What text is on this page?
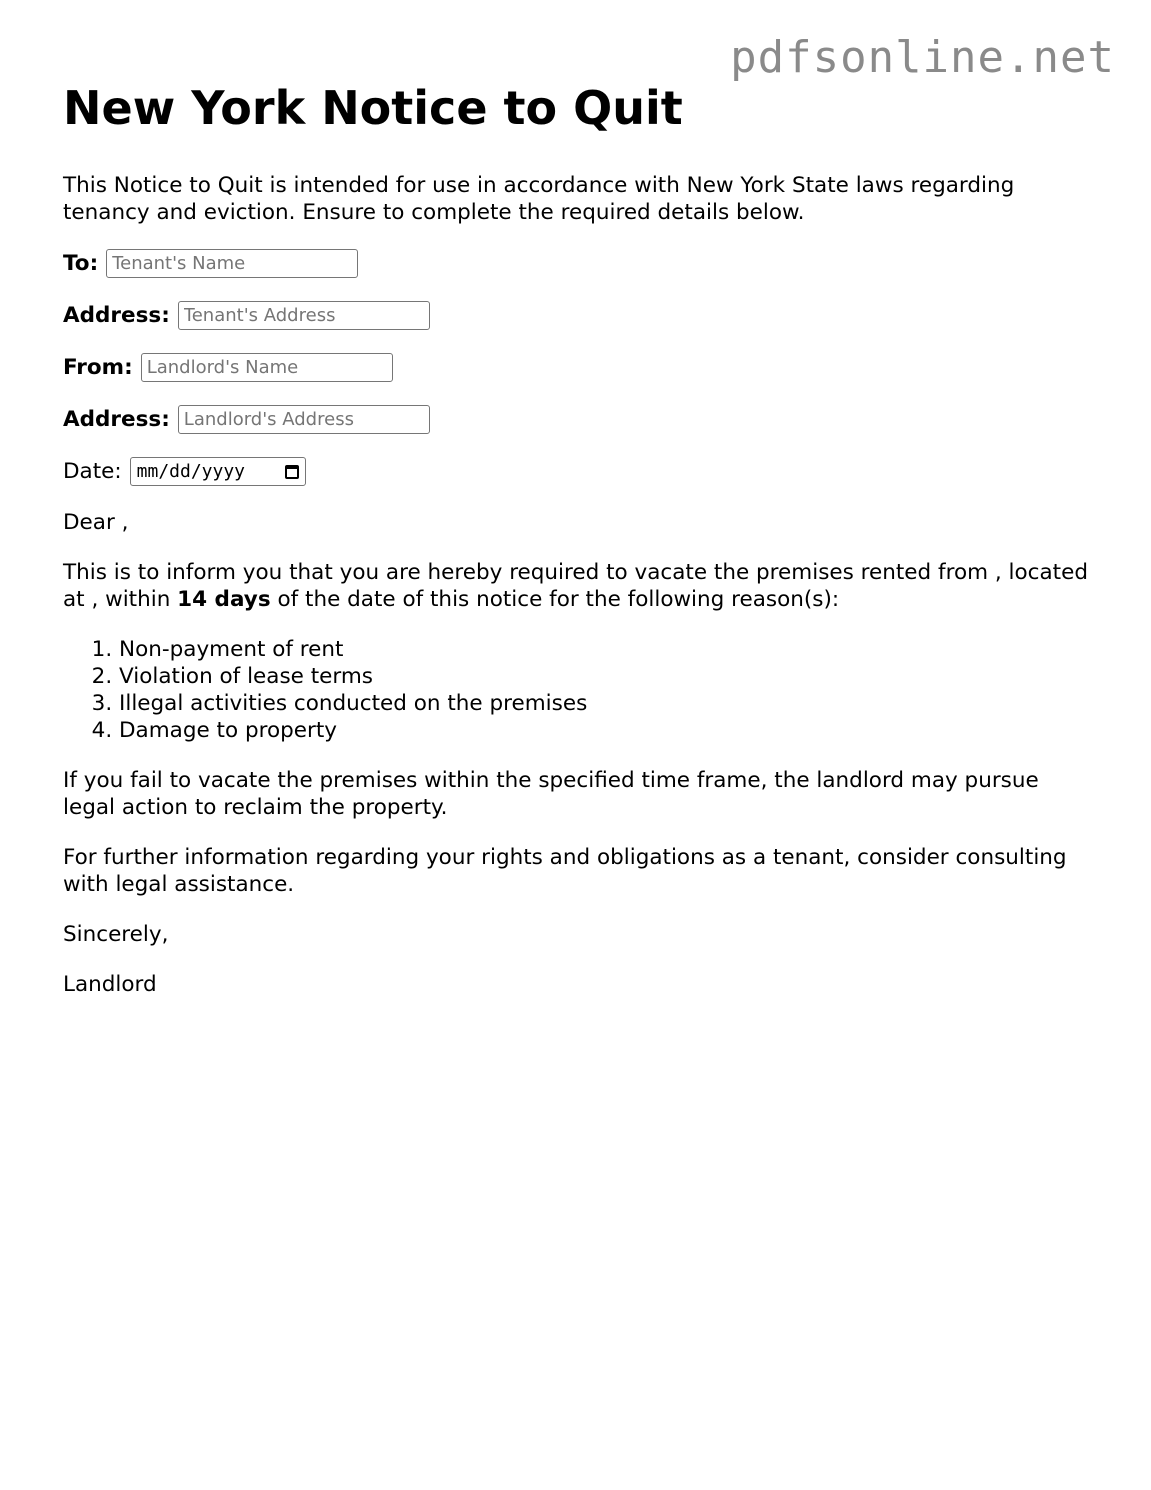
pdfsonline.net
New York Notice to Quit

This Notice to Quit is intended for use in accordance with New York State laws regarding tenancy and eviction. Ensure to complete the required details below.

To:
Tenant's Name
Address:
Tenant's Address
From:
Landlord's Name
Address:
Landlord's Address
Date: mm/dd/yyyy

Dear ,

This is to inform you that you are hereby required to vacate the premises rented from , located at , within 14 days of the date of this notice for the following reason(s):

1. Non-payment of rent
2. Violation of lease terms
3. Illegal activities conducted on the premises
4. Damage to property

If you fail to vacate the premises within the specified time frame, the landlord may pursue legal action to reclaim the property.

For further information regarding your rights and obligations as a tenant, consider consulting with legal assistance.

Sincerely,

Landlord
